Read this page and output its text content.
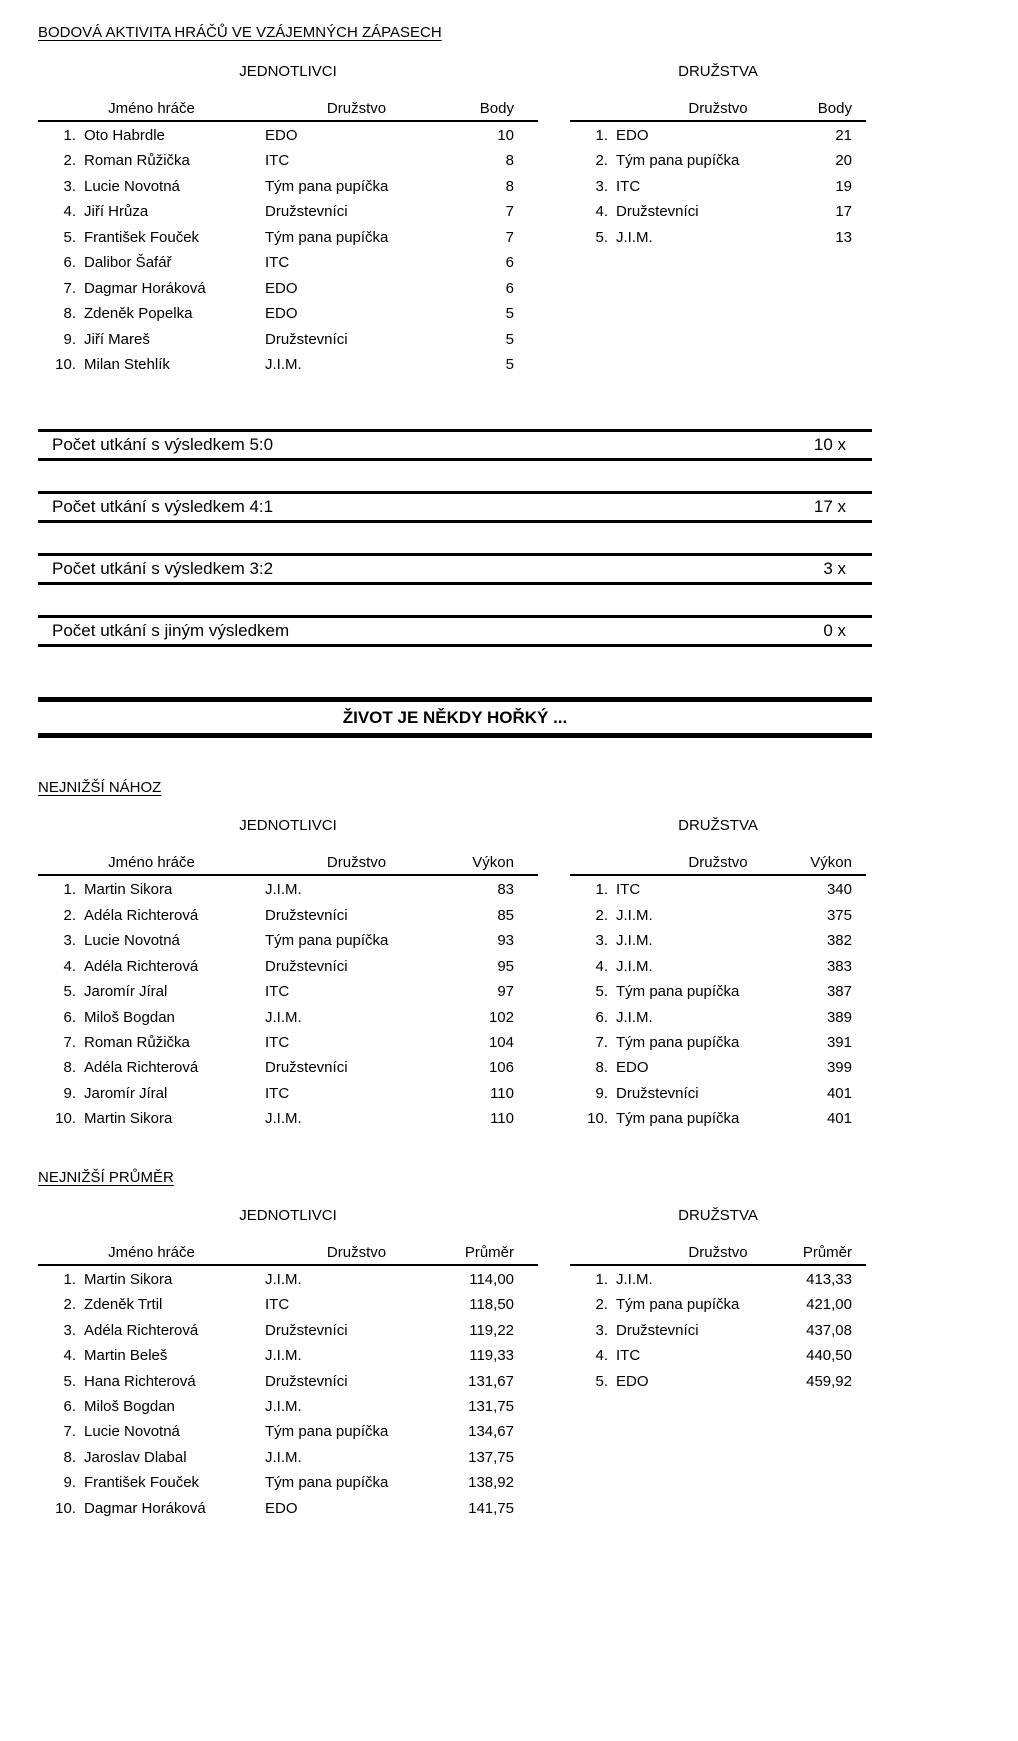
BODOVÁ AKTIVITA HRÁČŮ VE VZÁJEMNÝCH ZÁPASECH
JEDNOTLIVCI
Jméno hráče	Družstvo	Body
1. Oto Habrdle	EDO	10
2. Roman Růžička	ITC	8
3. Lucie Novotná	Tým pana pupíčka	8
4. Jiří Hrůza	Družstevníci	7
5. František Fouček	Tým pana pupíčka	7
6. Dalibor Šafář	ITC	6
7. Dagmar Horáková	EDO	6
8. Zdeněk Popelka	EDO	5
9. Jiří Mareš	Družstevníci	5
10. Milan Stehlík	J.I.M.	5
DRUŽSTVA
Družstvo	Body
1. EDO	21
2. Tým pana pupíčka	20
3. ITC	19
4. Družstevníci	17
5. J.I.M.	13
Počet utkání s výsledkem 5:0	10 x
Počet utkání s výsledkem 4:1	17 x
Počet utkání s výsledkem 3:2	3 x
Počet utkání s jiným výsledkem	0 x
ŽIVOT JE NĚKDY HOŘKÝ ...
NEJNIŽŠÍ NÁHOZ
JEDNOTLIVCI
Jméno hráče	Družstvo	Výkon
1. Martin Sikora	J.I.M.	83
2. Adéla Richterová	Družstevníci	85
3. Lucie Novotná	Tým pana pupíčka	93
4. Adéla Richterová	Družstevníci	95
5. Jaromír Jíral	ITC	97
6. Miloš Bogdan	J.I.M.	102
7. Roman Růžička	ITC	104
8. Adéla Richterová	Družstevníci	106
9. Jaromír Jíral	ITC	110
10. Martin Sikora	J.I.M.	110
DRUŽSTVA
Družstvo	Výkon
1. ITC	340
2. J.I.M.	375
3. J.I.M.	382
4. J.I.M.	383
5. Tým pana pupíčka	387
6. J.I.M.	389
7. Tým pana pupíčka	391
8. EDO	399
9. Družstevníci	401
10. Tým pana pupíčka	401
NEJNIŽŠÍ PRŮMĚR
JEDNOTLIVCI
Jméno hráče	Družstvo	Průměr
1. Martin Sikora	J.I.M.	114,00
2. Zdeněk Trtil	ITC	118,50
3. Adéla Richterová	Družstevníci	119,22
4. Martin Beleš	J.I.M.	119,33
5. Hana Richterová	Družstevníci	131,67
6. Miloš Bogdan	J.I.M.	131,75
7. Lucie Novotná	Tým pana pupíčka	134,67
8. Jaroslav Dlabal	J.I.M.	137,75
9. František Fouček	Tým pana pupíčka	138,92
10. Dagmar Horáková	EDO	141,75
DRUŽSTVA
Družstvo	Průměr
1. J.I.M.	413,33
2. Tým pana pupíčka	421,00
3. Družstevníci	437,08
4. ITC	440,50
5. EDO	459,92
